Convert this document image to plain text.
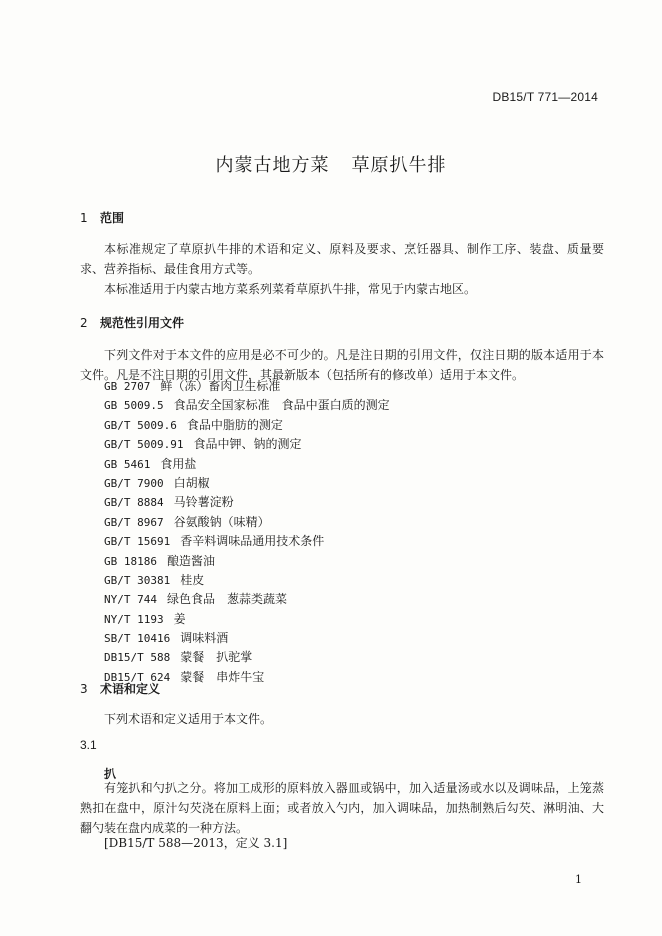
DB15/T 771—2014
内蒙古地方菜 草原扒牛排
1 范围
本标准规定了草原扒牛排的术语和定义、原料及要求、烹饪器具、制作工序、装盘、质量要求、营养指标、最佳食用方式等。
本标准适用于内蒙古地方菜系列菜肴草原扒牛排，常见于内蒙古地区。
2 规范性引用文件
下列文件对于本文件的应用是必不可少的。凡是注日期的引用文件，仅注日期的版本适用于本文件。凡是不注日期的引用文件，其最新版本（包括所有的修改单）适用于本文件。
GB 2707 鲜（冻）畜肉卫生标准
GB 5009.5 食品安全国家标准　食品中蛋白质的测定
GB/T 5009.6 食品中脂肪的测定
GB/T 5009.91 食品中钾、钠的测定
GB 5461 食用盐
GB/T 7900 白胡椒
GB/T 8884 马铃薯淀粉
GB/T 8967 谷氨酸钠（味精）
GB/T 15691 香辛料调味品通用技术条件
GB 18186 酿造酱油
GB/T 30381 桂皮
NY/T 744 绿色食品　葱蒜类蔬菜
NY/T 1193 姜
SB/T 10416 调味料酒
DB15/T 588 蒙餐　扒驼掌
DB15/T 624 蒙餐　串炸牛宝
3 术语和定义
下列术语和定义适用于本文件。
3.1
扒
有笼扒和勺扒之分。将加工成形的原料放入器皿或锅中，加入适量汤或水以及调味品，上笼蒸熟扣在盘中，原汁勾芡浇在原料上面；或者放入勺内，加入调味品，加热制熟后勾芡、淋明油、大翻勺装在盘内成菜的一种方法。
[DB15/T 588—2013，定义 3.1]
1
